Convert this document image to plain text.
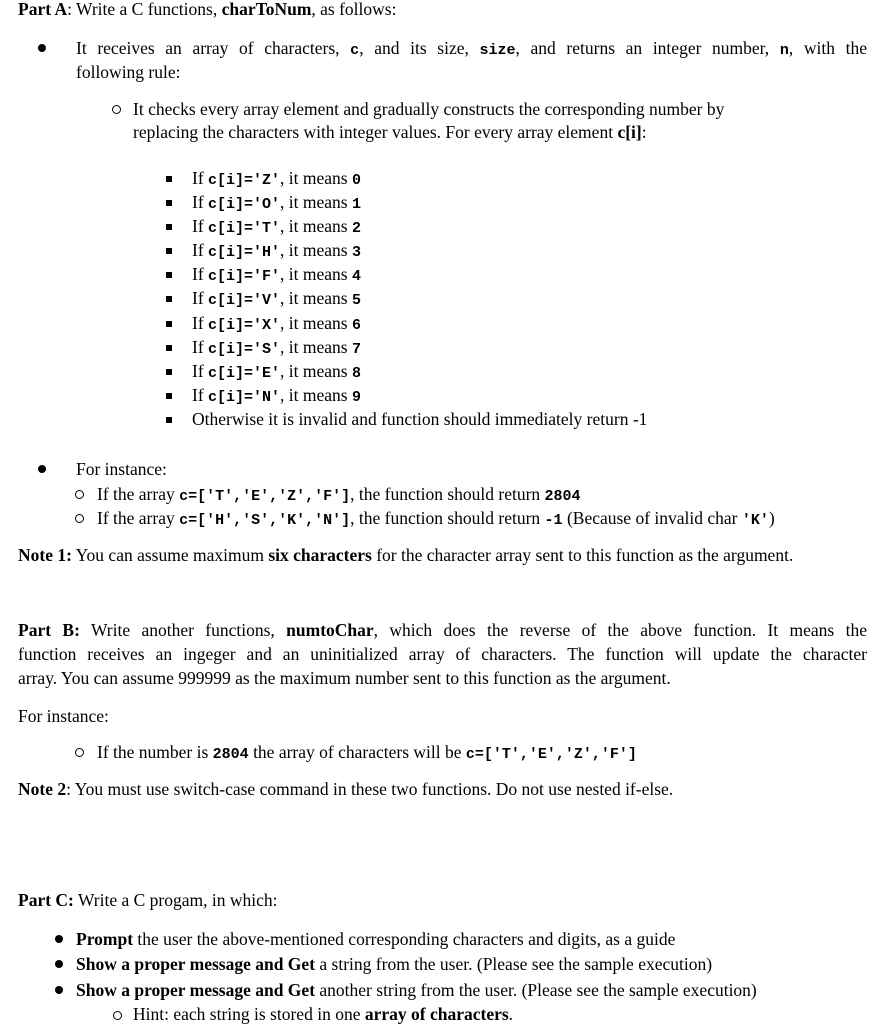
Part A: Write a C functions, charToNum, as follows:
It receives an array of characters, c, and its size, size, and returns an integer number, n, with the
following rule:
It checks every array element and gradually constructs the corresponding number by
replacing the characters with integer values. For every array element c[i]:
If c[i]='Z', it means 0
If c[i]='O', it means 1
If c[i]='T', it means 2
If c[i]='H', it means 3
If c[i]='F', it means 4
If c[i]='V', it means 5
If c[i]='X', it means 6
If c[i]='S', it means 7
If c[i]='E', it means 8
If c[i]='N', it means 9
Otherwise it is invalid and function should immediately return -1
For instance:
If the array c=['T','E','Z','F'], the function should return 2804
If the array c=['H','S','K','N'], the function should return -1 (Because of invalid char 'K')
Note 1: You can assume maximum six characters for the character array sent to this function as the argument.
Part B: Write another functions, numtoChar, which does the reverse of the above function. It means the
function receives an ingeger and an uninitialized array of characters. The function will update the character
array. You can assume 999999 as the maximum number sent to this function as the argument.
For instance:
If the number is 2804 the array of characters will be c=['T','E','Z','F']
Note 2: You must use switch-case command in these two functions. Do not use nested if-else.
Part C: Write a C progam, in which:
Prompt the user the above-mentioned corresponding characters and digits, as a guide
Show a proper message and Get a string from the user. (Please see the sample execution)
Show a proper message and Get another string from the user. (Please see the sample execution)
Hint: each string is stored in one array of characters.
